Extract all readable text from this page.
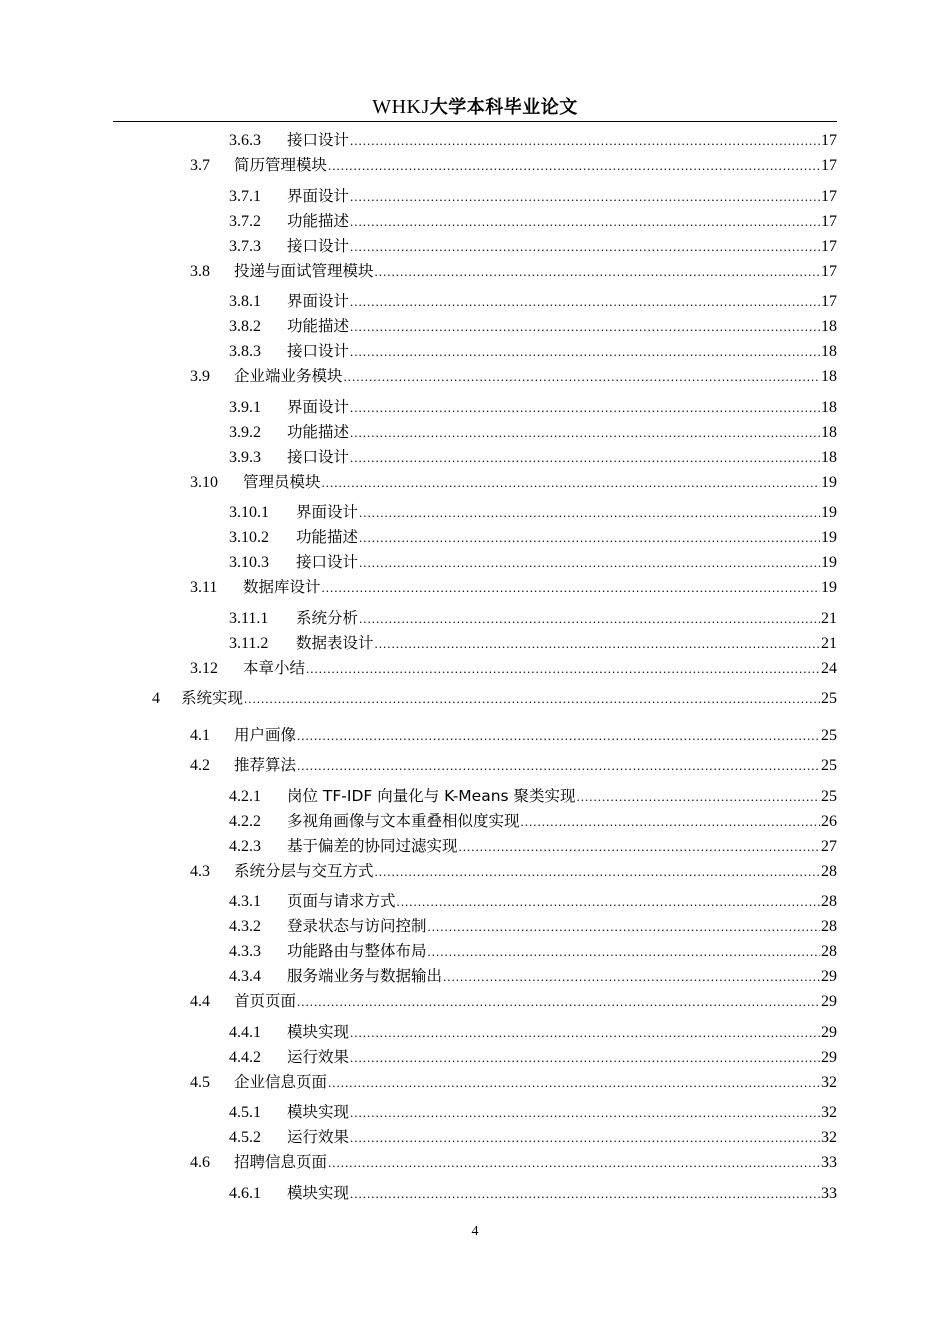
WHKJ大学本科毕业论文
3.6.3	接口设计 .....	17
3.7	简历管理模块 .....	17
3.7.1	界面设计 .....	17
3.7.2	功能描述 .....	17
3.7.3	接口设计 .....	17
3.8	投递与面试管理模块 .....	17
3.8.1	界面设计 .....	17
3.8.2	功能描述 .....	18
3.8.3	接口设计 .....	18
3.9	企业端业务模块 .....	18
3.9.1	界面设计 .....	18
3.9.2	功能描述 .....	18
3.9.3	接口设计 .....	18
3.10	管理员模块 .....	19
3.10.1	界面设计 .....	19
3.10.2	功能描述 .....	19
3.10.3	接口设计 .....	19
3.11	数据库设计 .....	19
3.11.1	系统分析 .....	21
3.11.2	数据表设计 .....	21
3.12	本章小结 .....	24
4	系统实现 .....	25
4.1	用户画像 .....	25
4.2	推荐算法 .....	25
4.2.1	岗位 TF-IDF 向量化与 K-Means 聚类实现 .....	25
4.2.2	多视角画像与文本重叠相似度实现 .....	26
4.2.3	基于偏差的协同过滤实现 .....	27
4.3	系统分层与交互方式 .....	28
4.3.1	页面与请求方式 .....	28
4.3.2	登录状态与访问控制 .....	28
4.3.3	功能路由与整体布局 .....	28
4.3.4	服务端业务与数据输出 .....	29
4.4	首页页面 .....	29
4.4.1	模块实现 .....	29
4.4.2	运行效果 .....	29
4.5	企业信息页面 .....	32
4.5.1	模块实现 .....	32
4.5.2	运行效果 .....	32
4.6	招聘信息页面 .....	33
4.6.1	模块实现 .....	33
4
